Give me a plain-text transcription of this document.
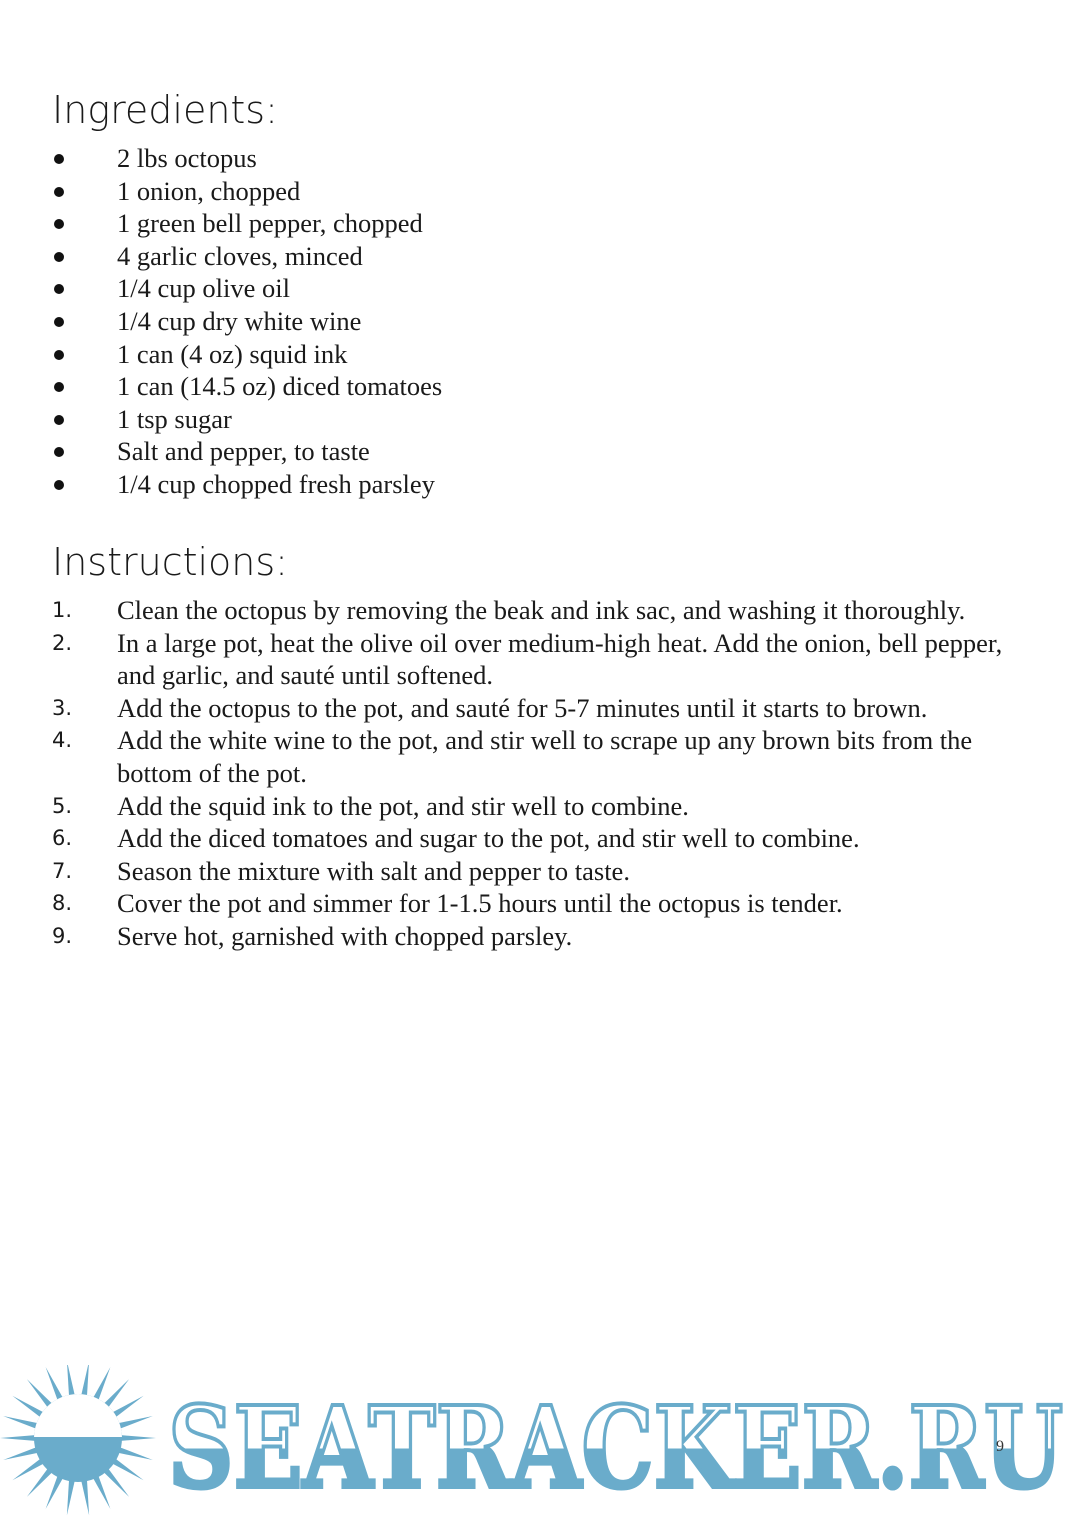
Ingredients:
2 lbs octopus
1 onion, chopped
1 green bell pepper, chopped
4 garlic cloves, minced
1/4 cup olive oil
1/4 cup dry white wine
1 can (4 oz) squid ink
1 can (14.5 oz) diced tomatoes
1 tsp sugar
Salt and pepper, to taste
1/4 cup chopped fresh parsley
Instructions:
1. Clean the octopus by removing the beak and ink sac, and washing it thoroughly.
2. In a large pot, heat the olive oil over medium-high heat. Add the onion, bell pepper, and garlic, and sauté until softened.
3. Add the octopus to the pot, and sauté for 5-7 minutes until it starts to brown.
4. Add the white wine to the pot, and stir well to scrape up any brown bits from the bottom of the pot.
5. Add the squid ink to the pot, and stir well to combine.
6. Add the diced tomatoes and sugar to the pot, and stir well to combine.
7. Season the mixture with salt and pepper to taste.
8. Cover the pot and simmer for 1-1.5 hours until the octopus is tender.
9. Serve hot, garnished with chopped parsley.
SEATRACKER.RU
9
